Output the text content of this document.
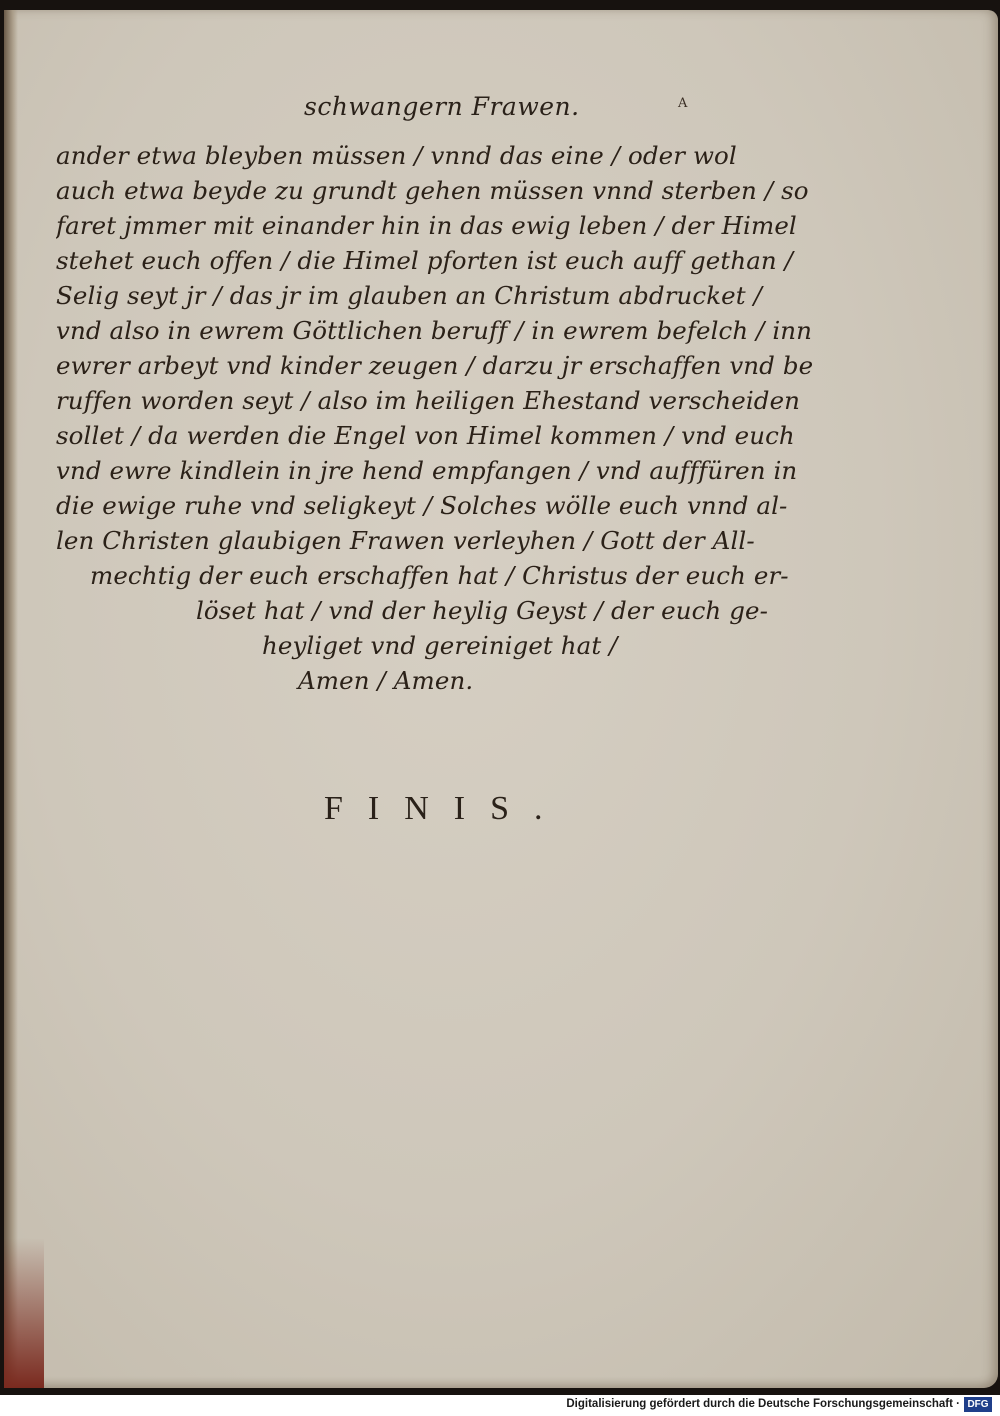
schwangern Frawen.	A
ander etwa bleyben müssen / vnnd das eine / oder wol
auch etwa beyde zu grundt gehen müssen vnnd sterben / so
faret jmmer mit einander hin in das ewig leben / der Himel
stehet euch offen / die Himel pforten ist euch auff gethan /
Selig seyt jr / das jr im glauben an Christum abdrucket /
vnd also in ewrem Göttlichen beruff / in ewrem befelch / inn
ewrer arbeyt vnd kinder zeugen / darzu jr erschaffen vnd be
ruffen worden seyt / also im heiligen Ehestand verscheiden
sollet / da werden die Engel von Himel kommen / vnd euch
vnd ewre kindlein in jre hend empfangen / vnd aufffüren in
die ewige ruhe vnd seligkeyt / Solches wölle euch vnnd al-
len Christen glaubigen Frawen verleyhen / Gott der All-
mechtig der euch erschaffen hat / Christus der euch er-
löset hat / vnd der heylig Geyst / der euch ge-
heyliget vnd gereiniget hat /
Amen / Amen.
FINIS.
Digitalisierung gefördert durch die Deutsche Forschungsgemeinschaft · DFG
